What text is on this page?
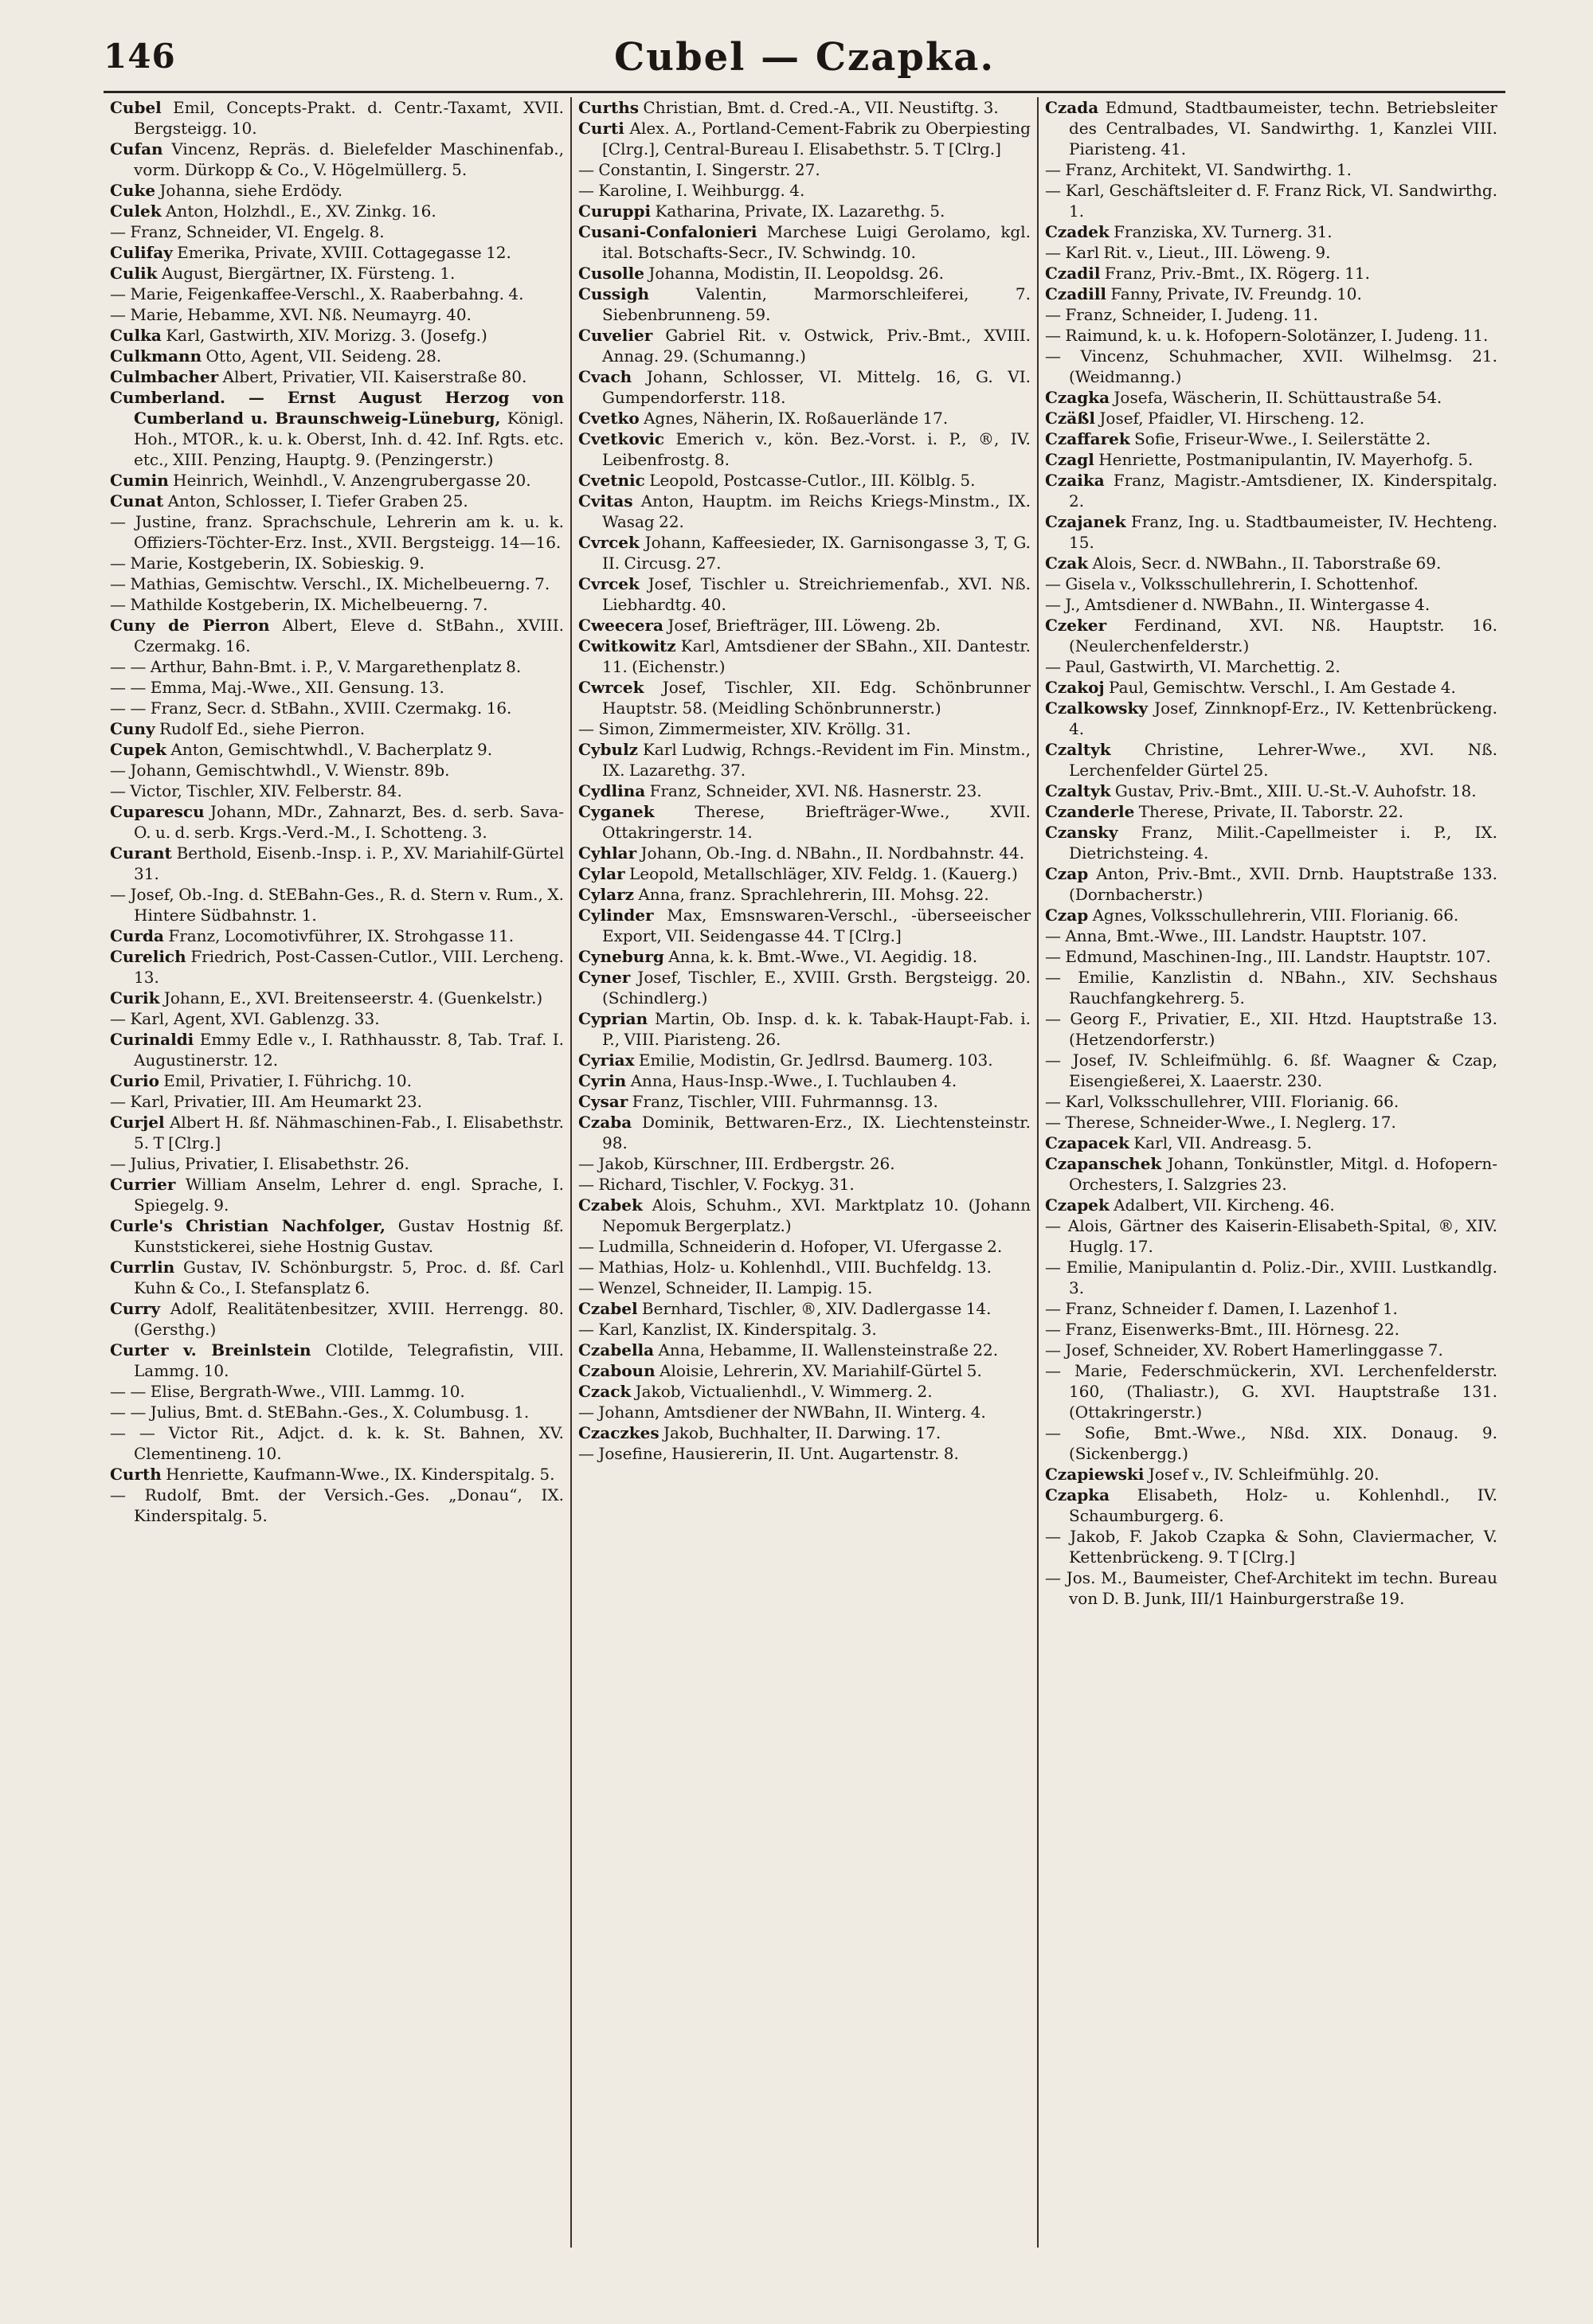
146	Cubel — Czapka.

Cubel Emil, Concepts-Prakt. d. Centr.-Taxamt, XVII. Bergsteigg. 10.

Cufan Vincenz, Repräs. d. Bielefelder Maschinenfab., vorm. Dürkopp & Co., V. Högelmüllerg. 5.

Cuke Johanna, siehe Erdödy.

Culek Anton, Holzhdl., E., XV. Zinkg. 16.

— Franz, Schneider, VI. Engelg. 8.

Culifay Emerika, Private, XVIII. Cottagegasse 12.

Culik August, Biergärtner, IX. Fürsteng. 1.

— Marie, Feigenkaffee-Verschl., X. Raaberbahng. 4.

— Marie, Hebamme, XVI. Nß. Neumayrg. 40.

Culka Karl, Gastwirth, XIV. Morizg. 3. (Josefg.)

Culkmann Otto, Agent, VII. Seideng. 28.

Culmbacher Albert, Privatier, VII. Kaiserstraße 80.

Cumberland. — Ernst August Herzog von Cumberland u. Braunschweig-Lüneburg, Königl. Hoh., MTOR., k. u. k. Oberst, Inh. d. 42. Inf. Rgts. etc. etc., XIII. Penzing, Hauptg. 9. (Penzingerstr.)

Cumin Heinrich, Weinhdl., V. Anzengrubergasse 20.

Cunat Anton, Schlosser, I. Tiefer Graben 25.

— Justine, franz. Sprachschule, Lehrerin am k. u. k. Offiziers-Töchter-Erz. Inst., XVII. Bergsteigg. 14—16.

— Marie, Kostgeberin, IX. Sobieskig. 9.

— Mathias, Gemischtw. Verschl., IX. Michelbeuerng. 7.

— Mathilde Kostgeberin, IX. Michelbeuerng. 7.

Cuny de Pierron Albert, Eleve d. StBahn., XVIII. Czermakg. 16.

— — Arthur, Bahn-Bmt. i. P., V. Margarethenplatz 8.

— — Emma, Maj.-Wwe., XII. Gensung. 13.

— — Franz, Secr. d. StBahn., XVIII. Czermakg. 16.

Cuny Rudolf Ed., siehe Pierron.

Cupek Anton, Gemischtwhdl., V. Bacherplatz 9.

— Johann, Gemischtwhdl., V. Wienstr. 89b.

— Victor, Tischler, XIV. Felberstr. 84.

Cuparescu Johann, MDr., Zahnarzt, Bes. d. serb. Sava-O. u. d. serb. Krgs.-Verd.-M., I. Schotteng. 3.

Curant Berthold, Eisenb.-Insp. i. P., XV. Mariahilf-Gürtel 31.

— Josef, Ob.-Ing. d. StEBahn-Ges., R. d. Stern v. Rum., X. Hintere Südbahnstr. 1.

Curda Franz, Locomotivführer, IX. Strohgasse 11.

Curelich Friedrich, Post-Cassen-Cutlor., VIII. Lercheng. 13.

Curik Johann, E., XVI. Breitenseerstr. 4. (Guenkelstr.)

— Karl, Agent, XVI. Gablenzg. 33.

Curinaldi Emmy Edle v., I. Rathhausstr. 8, Tab. Traf. I. Augustinerstr. 12.

Curio Emil, Privatier, I. Führichg. 10.

— Karl, Privatier, III. Am Heumarkt 23.

Curjel Albert H. ßf. Nähmaschinen-Fab., I. Elisabethstr. 5. T [Clrg.]

— Julius, Privatier, I. Elisabethstr. 26.

Currier William Anselm, Lehrer d. engl. Sprache, I. Spiegelg. 9.

Curle's Christian Nachfolger, Gustav Hostnig ßf. Kunststickerei, siehe Hostnig Gustav.

Currlin Gustav, IV. Schönburgstr. 5, Proc. d. ßf. Carl Kuhn & Co., I. Stefansplatz 6.

Curry Adolf, Realitätenbesitzer, XVIII. Herrengg. 80. (Gersthg.)

Curter v. Breinlstein Clotilde, Telegrafistin, VIII. Lammg. 10.

— — Elise, Bergrath-Wwe., VIII. Lammg. 10.

— — Julius, Bmt. d. StEBahn.-Ges., X. Columbusg. 1.

— — Victor Rit., Adjct. d. k. k. St. Bahnen, XV. Clementineng. 10.

Curth Henriette, Kaufmann-Wwe., IX. Kinderspitalg. 5.

— Rudolf, Bmt. der Versich.-Ges. „Donau“, IX. Kinderspitalg. 5.

Curths Christian, Bmt. d. Cred.-A., VII. Neustiftg. 3.

Curti Alex. A., Portland-Cement-Fabrik zu Oberpiesting [Clrg.], Central-Bureau I. Elisabethstr. 5. T [Clrg.]

— Constantin, I. Singerstr. 27.

— Karoline, I. Weihburgg. 4.

Curuppi Katharina, Private, IX. Lazarethg. 5.

Cusani-Confalonieri Marchese Luigi Gerolamo, kgl. ital. Botschafts-Secr., IV. Schwindg. 10.

Cusolle Johanna, Modistin, II. Leopoldsg. 26.

Cussigh	Valentin, Marmorschleiferei, 7. Siebenbrunneng. 59.

Cuvelier Gabriel Rit. v. Ostwick, Priv.-Bmt., XVIII. Annag. 29. (Schumanng.)

Cvach Johann, Schlosser, VI. Mittelg. 16, G. VI. Gumpendorferstr. 118.

Cvetko Agnes, Näherin, IX. Roßauerlände 17.

Cvetkovic Emerich v., kön. Bez.-Vorst. i. P., ®, IV. Leibenfrostg. 8.

Cvetnic Leopold, Postcasse-Cutlor., III. Kölblg. 5.

Cvitas Anton, Hauptm. im Reichs Kriegs-Minstm., IX. Wasag 22.

Cvrcek Johann, Kaffeesieder, IX. Garnisongasse 3, T, G. II. Circusg. 27.

Cvrcek Josef, Tischler u. Streichriemenfab., XVI. Nß. Liebhardtg. 40.

Cweecera Josef, Briefträger, III. Löweng. 2b.

Cwitkowitz Karl, Amtsdiener der SBahn., XII. Dantestr. 11. (Eichenstr.)

Cwrcek Josef, Tischler, XII. Edg. Schönbrunner Hauptstr. 58. (Meidling Schönbrunnerstr.)

— Simon, Zimmermeister, XIV. Kröllg. 31.

Cybulz Karl Ludwig, Rchngs.-Revident im Fin. Minstm., IX. Lazarethg. 37.

Cydlina Franz, Schneider, XVI. Nß. Hasnerstr. 23.

Cyganek	Therese, Briefträger-Wwe., XVII. Ottakringerstr. 14.

Cyhlar Johann, Ob.-Ing. d. NBahn., II. Nordbahnstr. 44.

Cylar Leopold, Metallschläger, XIV. Feldg. 1. (Kauerg.)

Cylarz Anna, franz. Sprachlehrerin, III. Mohsg. 22.

Cylinder Max, Emsnswaren-Verschl., -überseeischer Export, VII. Seidengasse 44. T [Clrg.]

Cyneburg Anna, k. k. Bmt.-Wwe., VI. Aegidig. 18.

Cyner Josef, Tischler, E., XVIII. Grsth. Bergsteigg. 20. (Schindlerg.)

Cyprian Martin, Ob. Insp. d. k. k. Tabak-Haupt-Fab. i. P., VIII. Piaristeng. 26.

Cyriax Emilie, Modistin, Gr. Jedlrsd. Baumerg. 103.

Cyrin Anna, Haus-Insp.-Wwe., I. Tuchlauben 4.

Cysar Franz, Tischler, VIII. Fuhrmannsg. 13.

Czaba Dominik, Bettwaren-Erz., IX. Liechtensteinstr. 98.

— Jakob, Kürschner, III. Erdbergstr. 26.

— Richard, Tischler, V. Fockyg. 31.

Czabek Alois, Schuhm., XVI. Marktplatz 10. (Johann Nepomuk Bergerplatz.)

— Ludmilla, Schneiderin d. Hofoper, VI. Ufergasse 2.

— Mathias, Holz- u. Kohlenhdl., VIII. Buchfeldg. 13.

— Wenzel, Schneider, II. Lampig. 15.

Czabel Bernhard, Tischler, ®, XIV. Dadlergasse 14.

— Karl, Kanzlist, IX. Kinderspitalg. 3.

Czabella Anna, Hebamme, II. Wallensteinstraße 22.

Czaboun Aloisie, Lehrerin, XV. Mariahilf-Gürtel 5.

Czack Jakob, Victualienhdl., V. Wimmerg. 2.

— Johann, Amtsdiener der NWBahn, II. Winterg. 4.

Czaczkes Jakob, Buchhalter, II. Darwing. 17.

— Josefine, Hausiererin, II. Unt. Augartenstr. 8.

Czada Edmund, Stadtbaumeister, techn. Betriebsleiter des Centralbades, VI. Sandwirthg. 1, Kanzlei VIII. Piaristeng. 41.

— Franz, Architekt, VI. Sandwirthg. 1.

— Karl, Geschäftsleiter d. F. Franz Rick, VI. Sandwirthg. 1.

Czadek Franziska, XV. Turnerg. 31.

— Karl Rit. v., Lieut., III. Löweng. 9.

Czadil Franz, Priv.-Bmt., IX. Rögerg. 11.

Czadill Fanny, Private, IV. Freundg. 10.

— Franz, Schneider, I. Judeng. 11.

— Raimund, k. u. k. Hofopern-Solotänzer, I. Judeng. 11.

— Vincenz, Schuhmacher, XVII. Wilhelmsg. 21. (Weidmanng.)

Czagka Josefa, Wäscherin, II. Schüttaustraße 54.

Czäßl Josef, Pfaidler, VI. Hirscheng. 12.

Czaffarek Sofie, Friseur-Wwe., I. Seilerstätte 2.

Czagl Henriette, Postmanipulantin, IV. Mayerhofg. 5.

Czaika Franz, Magistr.-Amtsdiener, IX. Kinderspitalg. 2.

Czajanek Franz, Ing. u. Stadtbaumeister, IV. Hechteng. 15.

Czak Alois, Secr. d. NWBahn., II. Taborstraße 69.

— Gisela v., Volksschullehrerin, I. Schottenhof.

— J., Amtsdiener d. NWBahn., II. Wintergasse 4.

Czeker Ferdinand, XVI. Nß. Hauptstr. 16. (Neulerchenfelderstr.)

— Paul, Gastwirth, VI. Marchettig. 2.

Czakoj Paul, Gemischtw. Verschl., I. Am Gestade 4.

Czalkowsky Josef, Zinnknopf-Erz., IV. Kettenbrückeng. 4.

Czaltyk Christine, Lehrer-Wwe., XVI. Nß. Lerchenfelder Gürtel 25.

Czaltyk Gustav, Priv.-Bmt., XIII. U.-St.-V. Auhofstr. 18.

Czanderle Therese, Private, II. Taborstr. 22.

Czansky Franz, Milit.-Capellmeister i. P., IX. Dietrichsteing. 4.

Czap Anton, Priv.-Bmt., XVII. Drnb. Hauptstraße 133. (Dornbacherstr.)

Czap Agnes, Volksschullehrerin, VIII. Florianig. 66.

— Anna, Bmt.-Wwe., III. Landstr. Hauptstr. 107.

— Edmund, Maschinen-Ing., III. Landstr. Hauptstr. 107.

— Emilie, Kanzlistin d. NBahn., XIV. Sechshaus Rauchfangkehrerg. 5.

— Georg F., Privatier, E., XII. Htzd. Hauptstraße 13. (Hetzendorferstr.)

— Josef, IV. Schleifmühlg. 6. ßf. Waagner & Czap, Eisengießerei, X. Laaerstr. 230.

— Karl, Volksschullehrer, VIII. Florianig. 66.

— Therese, Schneider-Wwe., I. Neglerg. 17.

Czapacek Karl, VII. Andreasg. 5.

Czapanschek Johann, Tonkünstler, Mitgl. d. Hofopern-Orchesters, I. Salzgries 23.

Czapek Adalbert, VII. Kircheng. 46.

— Alois, Gärtner des Kaiserin-Elisabeth-Spital, ®, XIV. Huglg. 17.

— Emilie, Manipulantin d. Poliz.-Dir., XVIII. Lustkandlg. 3.

— Franz, Schneider f. Damen, I. Lazenhof 1.

— Franz, Eisenwerks-Bmt., III. Hörnesg. 22.

— Josef, Schneider, XV. Robert Hamerlinggasse 7.

— Marie, Federschmückerin, XVI. Lerchenfelderstr. 160, (Thaliastr.), G. XVI. Hauptstraße 131. (Ottakringerstr.)

— Sofie, Bmt.-Wwe., Nßd. XIX. Donaug. 9. (Sickenbergg.)

Czapiewski Josef v., IV. Schleifmühlg. 20.

Czapka Elisabeth, Holz- u. Kohlenhdl., IV. Schaumburgerg. 6.

— Jakob, F. Jakob Czapka & Sohn, Claviermacher, V. Kettenbrückeng. 9. T [Clrg.]

— Jos. M., Baumeister, Chef-Architekt im techn. Bureau von D. B. Junk, III/1 Hainburgerstraße 19.
